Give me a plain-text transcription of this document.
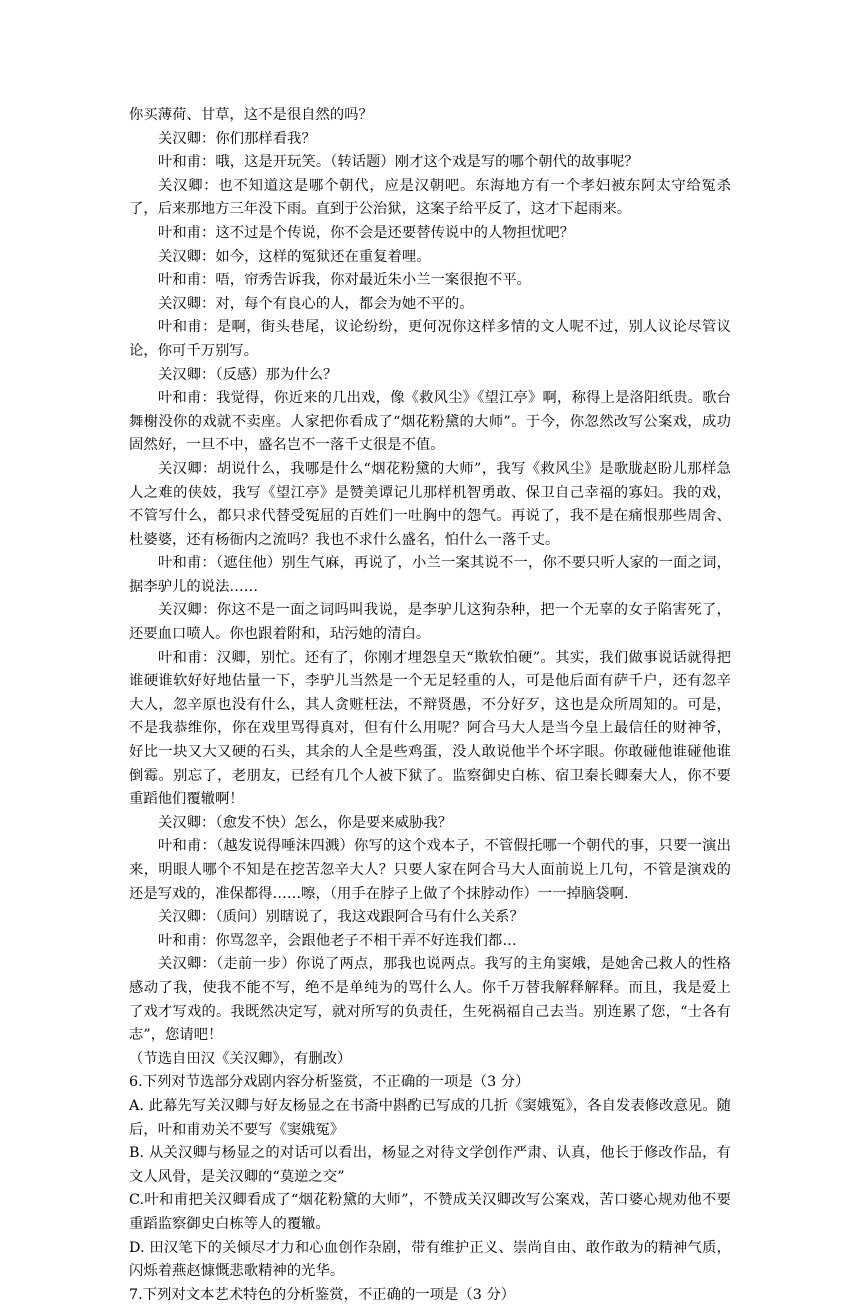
你买薄荷、甘草，这不是很自然的吗？

关汉卿：你们那样看我？

叶和甫：哦，这是开玩笑。（转话题）刚才这个戏是写的哪个朝代的故事呢？

关汉卿：也不知道这是哪个朝代，应是汉朝吧。东海地方有一个孝妇被东阿太守给冤杀了，后来那地方三年没下雨。直到于公治狱，这案子给平反了，这才下起雨来。

叶和甫：这不过是个传说，你不会是还要替传说中的人物担忧吧？

关汉卿：如今，这样的冤狱还在重复着哩。

叶和甫：唔，帘秀告诉我，你对最近朱小兰一案很抱不平。

关汉卿：对，每个有良心的人，都会为她不平的。

叶和甫：是啊，街头巷尾，议论纷纷，更何况你这样多情的文人呢不过，别人议论尽管议论，你可千万别写。

关汉卿：（反感）那为什么？

叶和甫：我觉得，你近来的几出戏，像《救风尘》《望江亭》啊，称得上是洛阳纸贵。歌台舞榭没你的戏就不卖座。人家把你看成了“烟花粉黛的大师”。于今，你忽然改写公案戏，成功固然好，一旦不中，盛名岂不一落千丈很是不值。

关汉卿：胡说什么，我哪是什么“烟花粉黛的大师”，我写《救风尘》是歌胧赵盼儿那样急人之难的侠妓，我写《望江亭》是赞美谭记儿那样机智勇敢、保卫自己幸福的寡妇。我的戏，不管写什么，都只求代替受冤屈的百姓们一吐胸中的怨气。再说了，我不是在痛恨那些周舍、杜婆婆，还有杨衙内之流吗？我也不求什么盛名，怕什么一落千丈。

叶和甫：（遮住他）别生气麻，再说了，小兰一案其说不一，你不要只听人家的一面之词，据李驴儿的说法……

关汉卿：你这不是一面之词吗叫我说，是李驴儿这狗杂种，把一个无辜的女子陷害死了，还要血口喷人。你也跟着附和，玷污她的清白。

叶和甫：汉卿，别忙。还有了，你刚才埋怨皇天“欺软怕硬”。其实，我们做事说话就得把谁硬谁软好好地估量一下，李驴儿当然是一个无足轻重的人，可是他后面有萨千户，还有忽辛大人，忽辛原也没有什么，其人贪赃枉法，不辩贤愚，不分好歹，这也是众所周知的。可是，不是我恭维你，你在戏里骂得真对，但有什么用呢？阿合马大人是当今皇上最信任的财神爷，好比一块又大又硬的石头，其余的人全是些鸡蛋，没人敢说他半个坏字眼。你敢碰他谁碰他谁倒霉。别忘了，老朋友，已经有几个人被下狱了。监察御史白栋、宿卫秦长卿秦大人，你不要重蹈他们覆辙啊！

关汉卿：（愈发不快）怎么，你是要来威胁我？

叶和甫：（越发说得唾沫四溅）你写的这个戏本子，不管假托哪一个朝代的事，只要一演出来，明眼人哪个不知是在挖苦忽辛大人？只要人家在阿合马大人面前说上几句，不管是演戏的还是写戏的，准保都得……嚓，（用手在脖子上做了个抹脖动作）一一掉脑袋啊.

关汉卿：（质问）别瞎说了，我这戏跟阿合马有什么关系？

叶和甫：你骂忽辛，会跟他老子不相干弄不好连我们都…

关汉卿：（走前一步）你说了两点，那我也说两点。我写的主角窦娥，是她舍己救人的性格感动了我，使我不能不写，绝不是单纯为的骂什么人。你千万替我解释解释。而且，我是爱上了戏才写戏的。我既然决定写，就对所写的负责任，生死祸福自己去当。别连累了您，“士各有志”，您请吧！

（节选自田汉《关汉卿》，有删改）

6.下列对节选部分戏剧内容分析鉴赏，不正确的一项是（3 分）

A. 此幕先写关汉卿与好友杨显之在书斋中斟酌已写成的几折《窦娥冤》，各自发表修改意见。随后，叶和甫劝关不要写《窦娥冤》

B. 从关汉卿与杨显之的对话可以看出，杨显之对待文学创作严肃、认真，他长于修改作品，有文人风骨，是关汉卿的“莫逆之交”

C.叶和甫把关汉卿看成了“烟花粉黛的大师”，不赞成关汉卿改写公案戏，苦口婆心规劝他不要重蹈监察御史白栋等人的覆辙。

D. 田汉笔下的关倾尽才力和心血创作杂剧，带有维护正义、崇尚自由、敢作敢为的精神气质，闪烁着燕赵慷慨悲歌精神的光华。

7.下列对文本艺术特色的分析鉴赏，不正确的一项是（3 分）
